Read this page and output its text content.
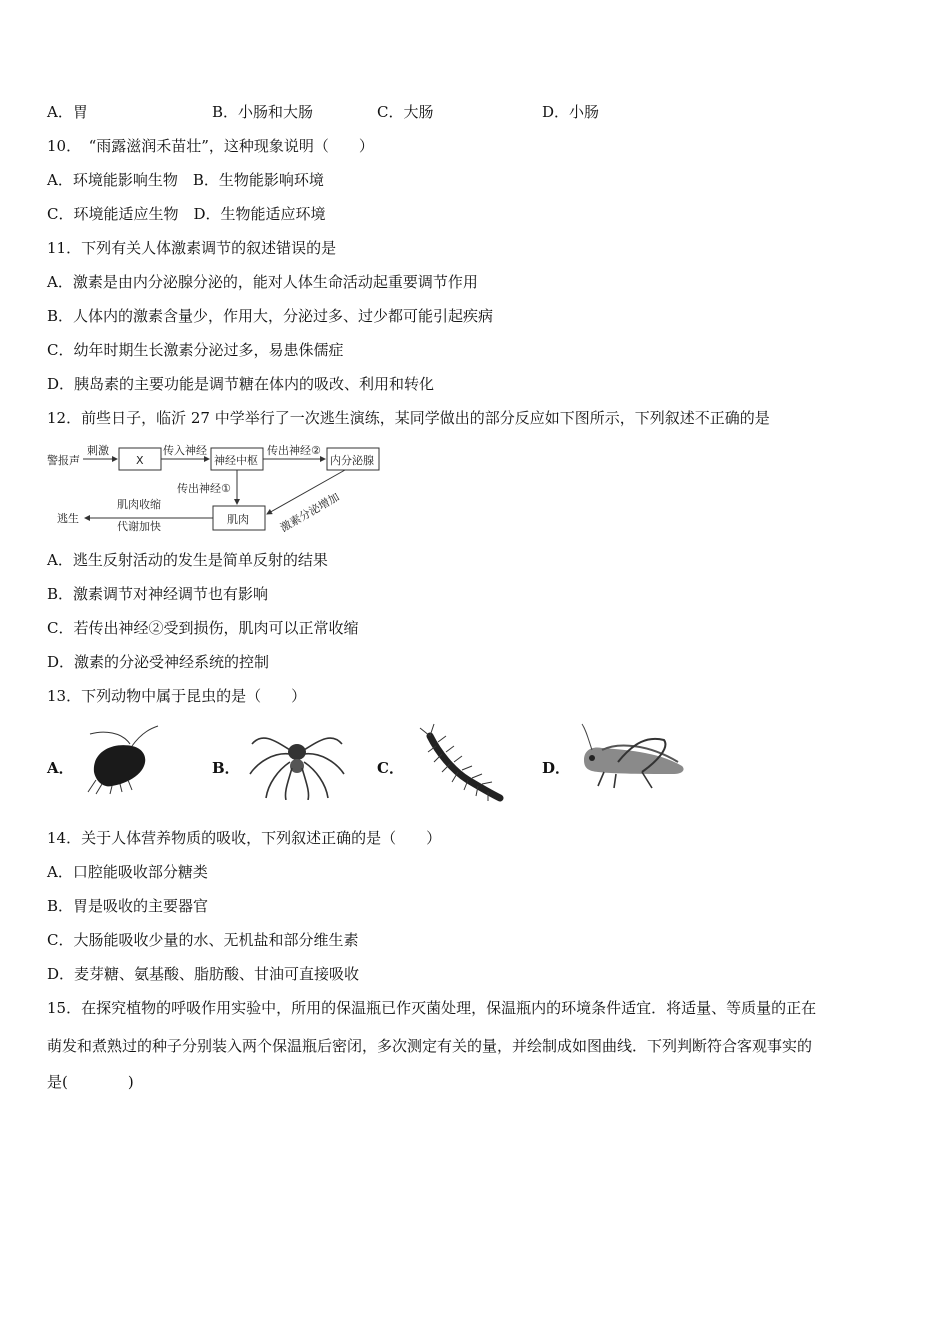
A．胃	B．小肠和大肠	C．大肠	D．小肠
10．　“雨露滋润禾苗壮”，这种现象说明（　　）
A．环境能影响生物　B．生物能影响环境
C．环境能适应生物　D．生物能适应环境
11．下列有关人体激素调节的叙述错误的是
A．激素是由内分泌腺分泌的，能对人体生命活动起重要调节作用
B．人体内的激素含量少，作用大，分泌过多、过少都可能引起疾病
C．幼年时期生长激素分泌过多，易患侏儒症
D．胰岛素的主要功能是调节糖在体内的吸改、利用和转化
12．前些日子，临沂 27 中学举行了一次逃生演练，某同学做出的部分反应如下图所示，下列叙述不正确的是
警报声
刺激
X
传入神经
神经中枢
传出神经②
内分泌腺
传出神经①
肌肉	激素分泌增加
肌肉收缩
代谢加快
逃生
A．逃生反射活动的发生是简单反射的结果
B．激素调节对神经调节也有影响
C．若传出神经②受到损伤，肌肉可以正常收缩
D．激素的分泌受神经系统的控制
13．下列动物中属于昆虫的是（　　）
A．	B．	C．	D．
14．关于人体营养物质的吸收，下列叙述正确的是（　　）
A．口腔能吸收部分糖类
B．胃是吸收的主要器官
C．大肠能吸收少量的水、无机盐和部分维生素
D．麦芽糖、氨基酸、脂肪酸、甘油可直接吸收
15．在探究植物的呼吸作用实验中，所用的保温瓶已作灭菌处理，保温瓶内的环境条件适宜．将适量、等质量的正在
萌发和煮熟过的种子分别装入两个保温瓶后密闭，多次测定有关的量，并绘制成如图曲线．下列判断符合客观事实的
是(　　　　)
